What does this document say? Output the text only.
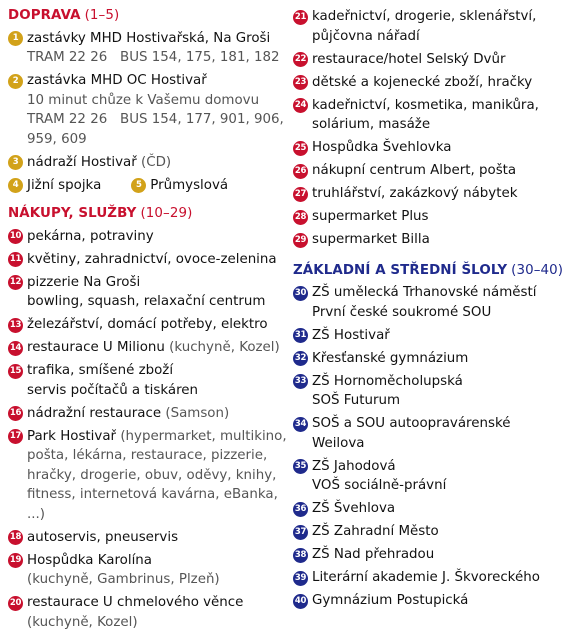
DOPRAVA (1–5)
1 zastávky MHD Hostivařská, Na Groši
TRAM 22 26   BUS 154, 175, 181, 182
2 zastávka MHD OC Hostivař
10 minut chůze k Vašemu domovu
TRAM 22 26   BUS 154, 177, 901, 906,
959, 609
3 nádraží Hostivař (ČD)
4 Jižní spojka	5 Průmyslová
NÁKUPY, SLUŽBY (10–29)
10 pekárna, potraviny
11 květiny, zahradnictví, ovoce-zelenina
12 pizzerie Na Groši
bowling, squash, relaxační centrum
13 železářství, domácí potřeby, elektro
14 restaurace U Milionu (kuchyně, Kozel)
15 trafika, smíšené zboží
servis počítačů a tiskáren
16 nádražní restaurace (Samson)
17 Park Hostivař (hypermarket, multikino,
pošta, lékárna, restaurace, pizzerie,
hračky, drogerie, obuv, oděvy, knihy,
fitness, internetová kavárna, eBanka, ...)
18 autoservis, pneuservis
19 Hospůdka Karolína
(kuchyně, Gambrinus, Plzeň)
20 restaurace U chmelového věnce
(kuchyně, Kozel)
21 kadeřnictví, drogerie, sklenářství,
půjčovna nářadí
22 restaurace/hotel Selský Dvůr
23 dětské a kojenecké zboží, hračky
24 kadeřnictví, kosmetika, manikůra,
solárium, masáže
25 Hospůdka Švehlovka
26 nákupní centrum Albert, pošta
27 truhlářství, zakázkový nábytek
28 supermarket Plus
29 supermarket Billa
ZÁKLADNÍ A STŘEDNÍ ŠLOLY (30–40)
30 ZŠ umělecká Trhanovské náměstí
První české soukromé SOU
31 ZŠ Hostivař
32 Křesťanské gymnázium
33 ZŠ Hornoměcholupská
SOŠ Futurum
34 SOŠ a SOU autoopravárenské Weilova
35 ZŠ Jahodová
VOŠ sociálně-právní
36 ZŠ Švehlova
37 ZŠ Zahradní Město
38 ZŠ Nad přehradou
39 Literární akademie J. Škvoreckého
40 Gymnázium Postupická
